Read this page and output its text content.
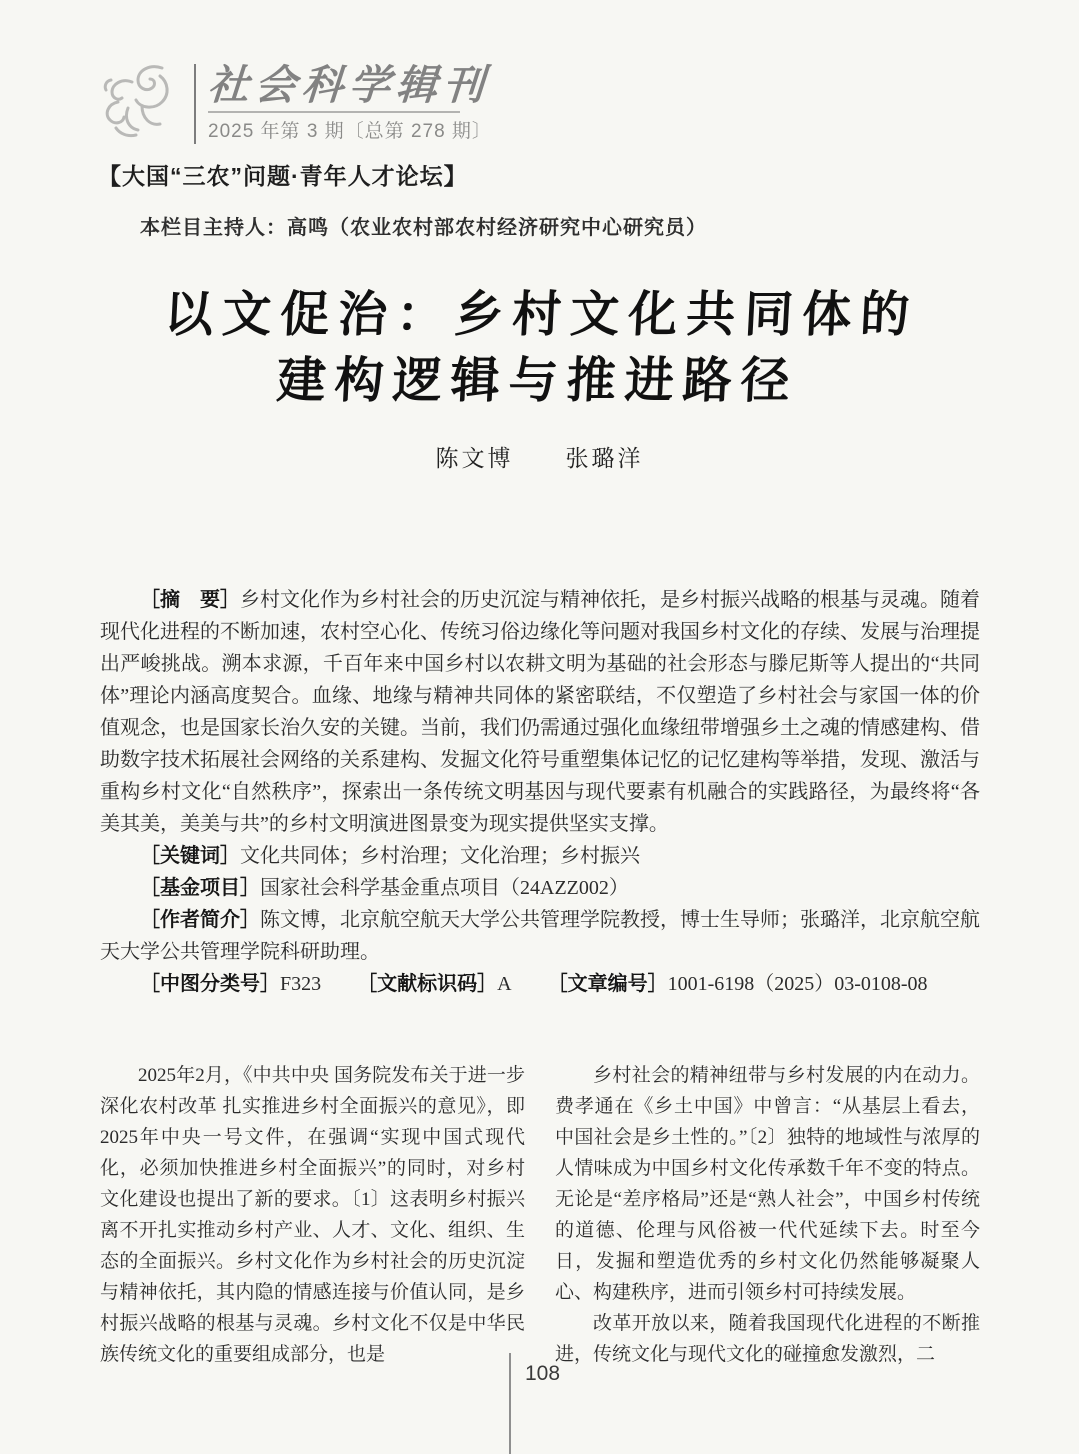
社会科学辑刊
2025 年第 3 期〔总第 278 期〕
【大国“三农”问题·青年人才论坛】
本栏目主持人：高鸣（农业农村部农村经济研究中心研究员）
以文促治：乡村文化共同体的
建构逻辑与推进路径
陈文博　　张璐洋

［摘　要］乡村文化作为乡村社会的历史沉淀与精神依托，是乡村振兴战略的根基与灵魂。随着现代化进程的不断加速，农村空心化、传统习俗边缘化等问题对我国乡村文化的存续、发展与治理提出严峻挑战。溯本求源，千百年来中国乡村以农耕文明为基础的社会形态与滕尼斯等人提出的“共同体”理论内涵高度契合。血缘、地缘与精神共同体的紧密联结，不仅塑造了乡村社会与家国一体的价值观念，也是国家长治久安的关键。当前，我们仍需通过强化血缘纽带增强乡土之魂的情感建构、借助数字技术拓展社会网络的关系建构、发掘文化符号重塑集体记忆的记忆建构等举措，发现、激活与重构乡村文化“自然秩序”，探索出一条传统文明基因与现代要素有机融合的实践路径，为最终将“各美其美，美美与共”的乡村文明演进图景变为现实提供坚实支撑。

［关键词］文化共同体；乡村治理；文化治理；乡村振兴

［基金项目］国家社会科学基金重点项目（24AZZ002）

［作者简介］陈文博，北京航空航天大学公共管理学院教授，博士生导师；张璐洋，北京航空航天大学公共管理学院科研助理。

［中图分类号］F323 ［文献标识码］A ［文章编号］1001-6198（2025）03-0108-08

2025年2月，《中共中央 国务院发布关于进一步深化农村改革 扎实推进乡村全面振兴的意见》，即2025年中央一号文件，在强调“实现中国式现代化，必须加快推进乡村全面振兴”的同时，对乡村文化建设也提出了新的要求。〔1〕这表明乡村振兴离不开扎实推动乡村产业、人才、文化、组织、生态的全面振兴。乡村文化作为乡村社会的历史沉淀与精神依托，其内隐的情感连接与价值认同，是乡村振兴战略的根基与灵魂。乡村文化不仅是中华民族传统文化的重要组成部分，也是

乡村社会的精神纽带与乡村发展的内在动力。费孝通在《乡土中国》中曾言：“从基层上看去，中国社会是乡土性的。”〔2〕独特的地域性与浓厚的人情味成为中国乡村文化传承数千年不变的特点。无论是“差序格局”还是“熟人社会”，中国乡村传统的道德、伦理与风俗被一代代延续下去。时至今日，发掘和塑造优秀的乡村文化仍然能够凝聚人心、构建秩序，进而引领乡村可持续发展。

改革开放以来，随着我国现代化进程的不断推进，传统文化与现代文化的碰撞愈发激烈，二

108
